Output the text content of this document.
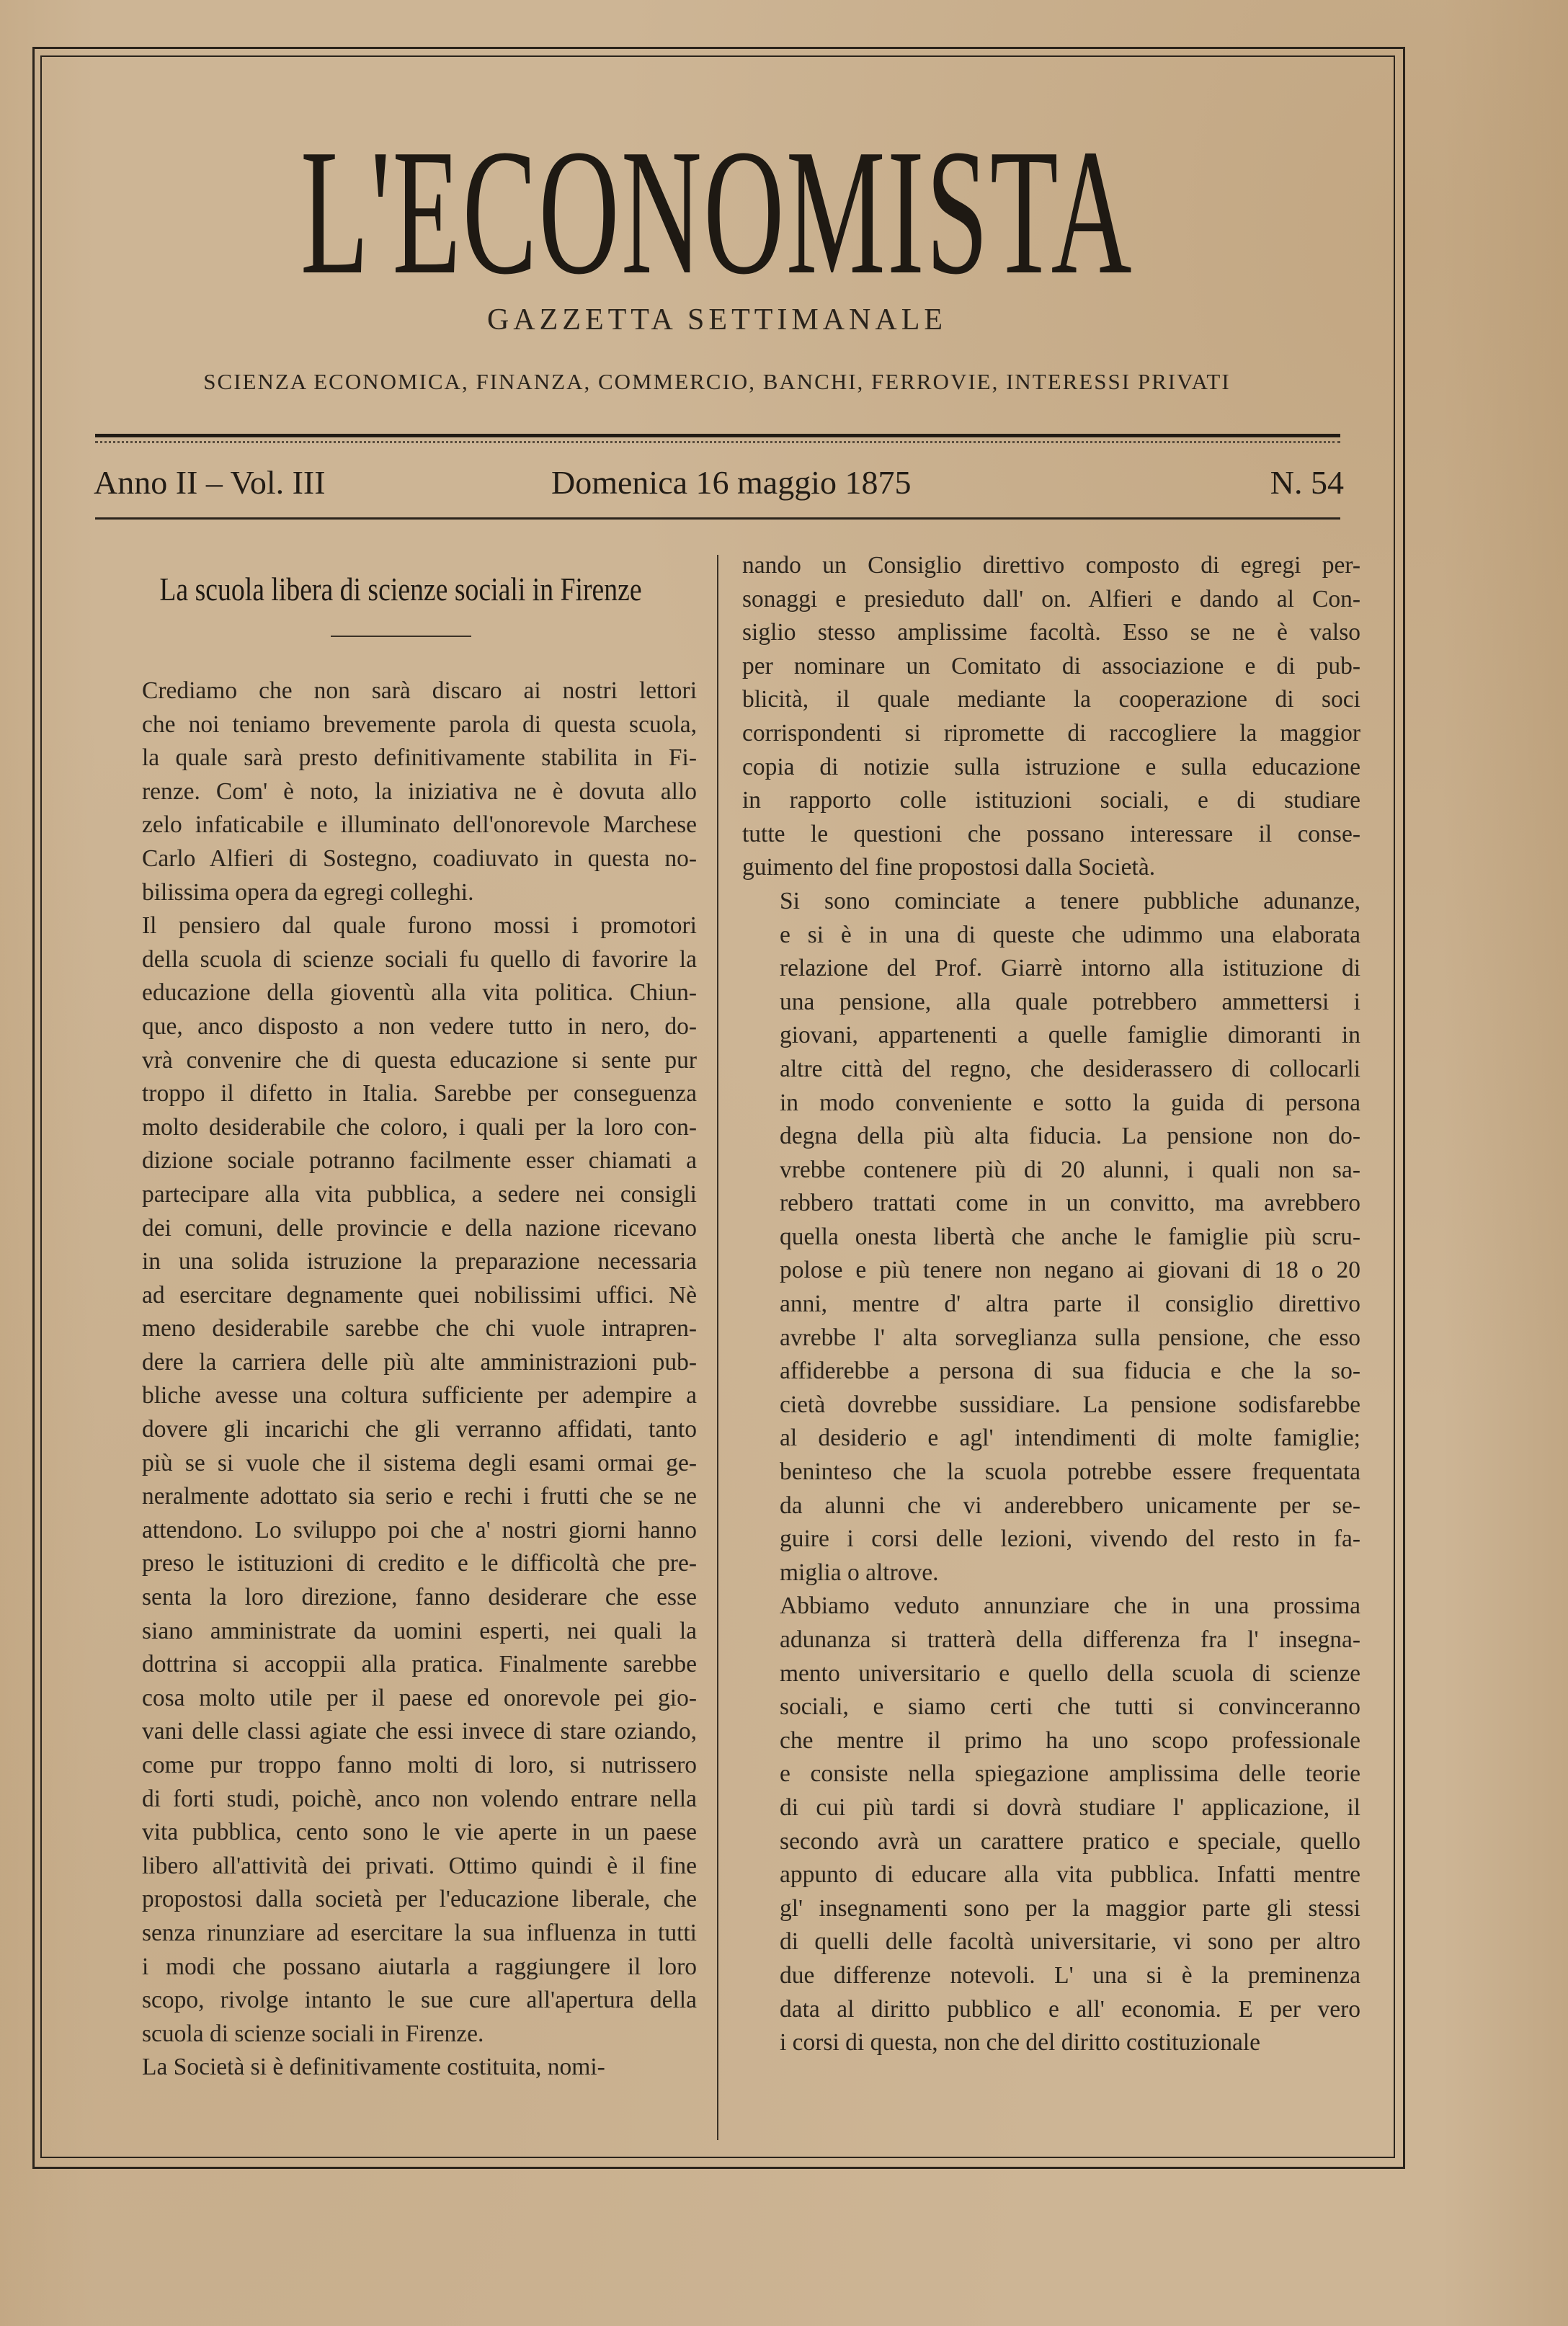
L'ECONOMISTA
GAZZETTA SETTIMANALE
SCIENZA ECONOMICA, FINANZA, COMMERCIO, BANCHI, FERROVIE, INTERESSI PRIVATI
Anno II – Vol. III	Domenica 16 maggio 1875	N. 54
La scuola libera di scienze sociali in Firenze

Crediamo che non sarà discaro ai nostri lettori
che noi teniamo brevemente parola di questa scuola,
la quale sarà presto definitivamente stabilita in Fi-
renze. Com' è noto, la iniziativa ne è dovuta allo
zelo infaticabile e illuminato dell'onorevole Marchese
Carlo Alfieri di Sostegno, coadiuvato in questa no-
bilissima opera da egregi colleghi.

Il pensiero dal quale furono mossi i promotori
della scuola di scienze sociali fu quello di favorire la
educazione della gioventù alla vita politica. Chiun-
que, anco disposto a non vedere tutto in nero, do-
vrà convenire che di questa educazione si sente pur
troppo il difetto in Italia. Sarebbe per conseguenza
molto desiderabile che coloro, i quali per la loro con-
dizione sociale potranno facilmente esser chiamati a
partecipare alla vita pubblica, a sedere nei consigli
dei comuni, delle provincie e della nazione ricevano
in una solida istruzione la preparazione necessaria
ad esercitare degnamente quei nobilissimi uffici. Nè
meno desiderabile sarebbe che chi vuole intrapren-
dere la carriera delle più alte amministrazioni pub-
bliche avesse una coltura sufficiente per adempire a
dovere gli incarichi che gli verranno affidati, tanto
più se si vuole che il sistema degli esami ormai ge-
neralmente adottato sia serio e rechi i frutti che se ne
attendono. Lo sviluppo poi che a' nostri giorni hanno
preso le istituzioni di credito e le difficoltà che pre-
senta la loro direzione, fanno desiderare che esse
siano amministrate da uomini esperti, nei quali la
dottrina si accoppii alla pratica. Finalmente sarebbe
cosa molto utile per il paese ed onorevole pei gio-
vani delle classi agiate che essi invece di stare oziando,
come pur troppo fanno molti di loro, si nutrissero
di forti studi, poichè, anco non volendo entrare nella
vita pubblica, cento sono le vie aperte in un paese
libero all'attività dei privati. Ottimo quindi è il fine
propostosi dalla società per l'educazione liberale, che
senza rinunziare ad esercitare la sua influenza in tutti
i modi che possano aiutarla a raggiungere il loro
scopo, rivolge intanto le sue cure all'apertura della
scuola di scienze sociali in Firenze.

La Società si è definitivamente costituita, nomi-

nando un Consiglio direttivo composto di egregi per-
sonaggi e presieduto dall' on. Alfieri e dando al Con-
siglio stesso amplissime facoltà. Esso se ne è valso
per nominare un Comitato di associazione e di pub-
blicità, il quale mediante la cooperazione di soci
corrispondenti si ripromette di raccogliere la maggior
copia di notizie sulla istruzione e sulla educazione
in rapporto colle istituzioni sociali, e di studiare
tutte le questioni che possano interessare il conse-
guimento del fine propostosi dalla Società.

Si sono cominciate a tenere pubbliche adunanze,
e si è in una di queste che udimmo una elaborata
relazione del Prof. Giarrè intorno alla istituzione di
una pensione, alla quale potrebbero ammettersi i
giovani, appartenenti a quelle famiglie dimoranti in
altre città del regno, che desiderassero di collocarli
in modo conveniente e sotto la guida di persona
degna della più alta fiducia. La pensione non do-
vrebbe contenere più di 20 alunni, i quali non sa-
rebbero trattati come in un convitto, ma avrebbero
quella onesta libertà che anche le famiglie più scru-
polose e più tenere non negano ai giovani di 18 o 20
anni, mentre d' altra parte il consiglio direttivo
avrebbe l' alta sorveglianza sulla pensione, che esso
affiderebbe a persona di sua fiducia e che la so-
cietà dovrebbe sussidiare. La pensione sodisfarebbe
al desiderio e agl' intendimenti di molte famiglie;
beninteso che la scuola potrebbe essere frequentata
da alunni che vi anderebbero unicamente per se-
guire i corsi delle lezioni, vivendo del resto in fa-
miglia o altrove.

Abbiamo veduto annunziare che in una prossima
adunanza si tratterà della differenza fra l' insegna-
mento universitario e quello della scuola di scienze
sociali, e siamo certi che tutti si convinceranno
che mentre il primo ha uno scopo professionale
e consiste nella spiegazione amplissima delle teorie
di cui più tardi si dovrà studiare l' applicazione, il
secondo avrà un carattere pratico e speciale, quello
appunto di educare alla vita pubblica. Infatti mentre
gl' insegnamenti sono per la maggior parte gli stessi
di quelli delle facoltà universitarie, vi sono per altro
due differenze notevoli. L' una si è la preminenza
data al diritto pubblico e all' economia. E per vero
i corsi di questa, non che del diritto costituzionale
